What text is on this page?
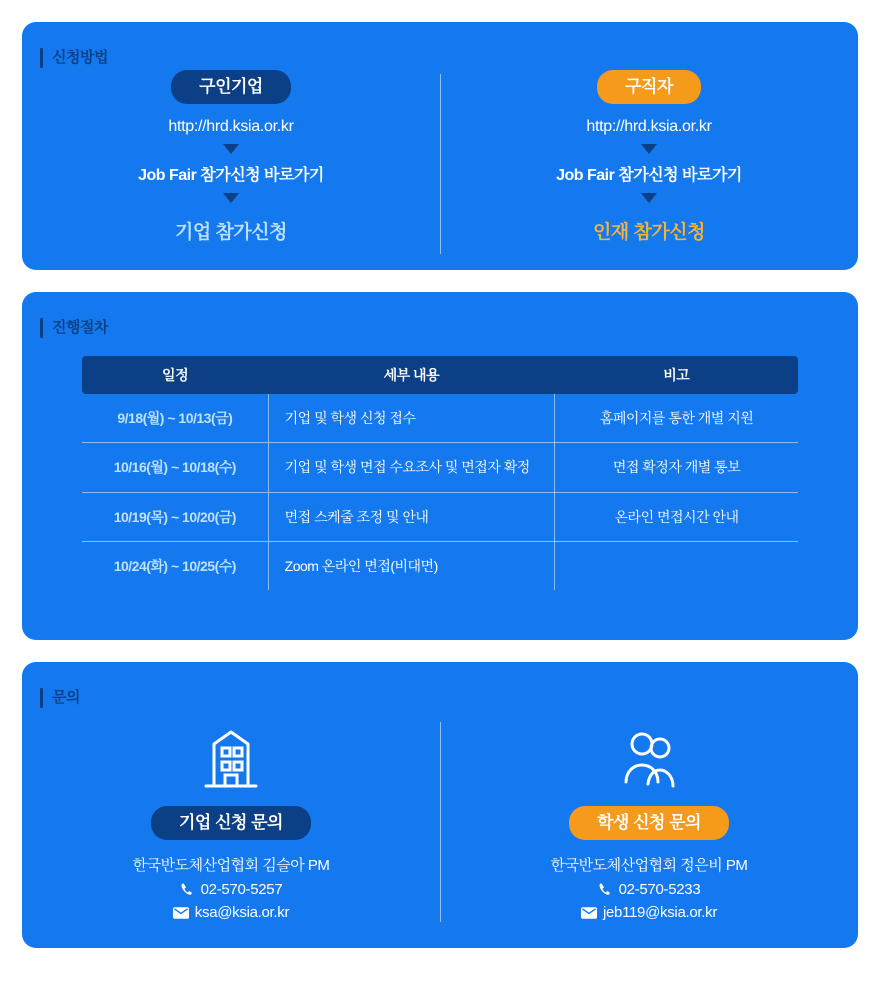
신청방법
구인기업
http://hrd.ksia.or.kr
Job Fair 참가신청 바로가기
기업 참가신청
구직자
http://hrd.ksia.or.kr
Job Fair 참가신청 바로가기
인재 참가신청
진행절차
일정	세부 내용	비고
9/18(월) ~ 10/13(금)	기업 및 학생 신청 접수	홈페이지를 통한 개별 지원
10/16(월) ~ 10/18(수)	기업 및 학생 면접 수요조사 및 면접자 확정	면접 확정자 개별 통보
10/19(목) ~ 10/20(금)	면접 스케줄 조정 및 안내	온라인 면접시간 안내
10/24(화) ~ 10/25(수)	Zoom 온라인 면접(비대면)	
문의
기업 신청 문의
한국반도체산업협회 김슬아 PM
02-570-5257
ksa@ksia.or.kr
학생 신청 문의
한국반도체산업협회 정은비 PM
02-570-5233
jeb119@ksia.or.kr
